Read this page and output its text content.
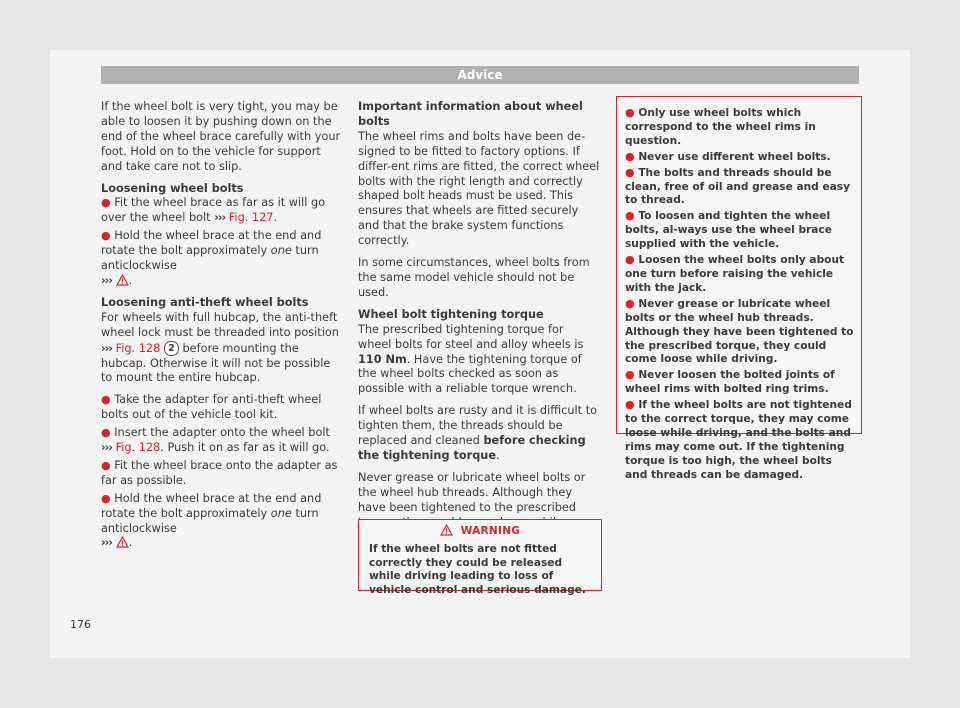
Advice

If the wheel bolt is very tight, you may be able to loosen it by pushing down on the end of the wheel brace carefully with your foot. Hold on to the vehicle for support and take care not to slip.

Loosening wheel bolts

● Fit the wheel brace as far as it will go over the wheel bolt ››› Fig. 127.

● Hold the wheel brace at the end and rotate the bolt approximately one turn anticlockwise
››› .

Loosening anti-theft wheel bolts

For wheels with full hubcap, the anti-theft wheel lock must be threaded into position
››› Fig. 128 2 before mounting the hubcap. Otherwise it will not be possible to mount the entire hubcap.

● Take the adapter for anti-theft wheel bolts out of the vehicle tool kit.

● Insert the adapter onto the wheel bolt
››› Fig. 128. Push it on as far as it will go.

● Fit the wheel brace onto the adapter as far as possible.

● Hold the wheel brace at the end and rotate the bolt approximately one turn anticlockwise
››› .

Important information about wheel bolts

The wheel rims and bolts have been de-signed to be fitted to factory options. If differ-ent rims are fitted, the correct wheel bolts with the right length and correctly shaped bolt heads must be used. This ensures that wheels are fitted securely and that the brake system functions correctly.

In some circumstances, wheel bolts from the same model vehicle should not be used.

Wheel bolt tightening torque

The prescribed tightening torque for wheel bolts for steel and alloy wheels is 110 Nm. Have the tightening torque of the wheel bolts checked as soon as possible with a reliable torque wrench.

If wheel bolts are rusty and it is difficult to tighten them, the threads should be replaced and cleaned before checking the tightening torque.

Never grease or lubricate wheel bolts or the wheel hub threads. Although they have been tightened to the prescribed

WARNING
If the wheel bolts are not fitted correctly they could be released while driving leading to loss of vehicle control and serious damage.

● Only use wheel bolts which correspond to the wheel rims in question.

● Never use different wheel bolts.

● The bolts and threads should be clean, free of oil and grease and easy to thread.

● To loosen and tighten the wheel bolts, al-ways use the wheel brace supplied with the vehicle.

● Loosen the wheel bolts only about one turn before raising the vehicle with the jack.

● Never grease or lubricate wheel bolts or the wheel hub threads. Although they have been tightened to the prescribed torque, they could come loose while driving.

● Never loosen the bolted joints of wheel rims with bolted ring trims.

● If the wheel bolts are not tightened to the correct torque, they may come loose while driving, and the bolts and rims may come out. If the tightening torque is too high, the wheel bolts and threads can be damaged.

176
